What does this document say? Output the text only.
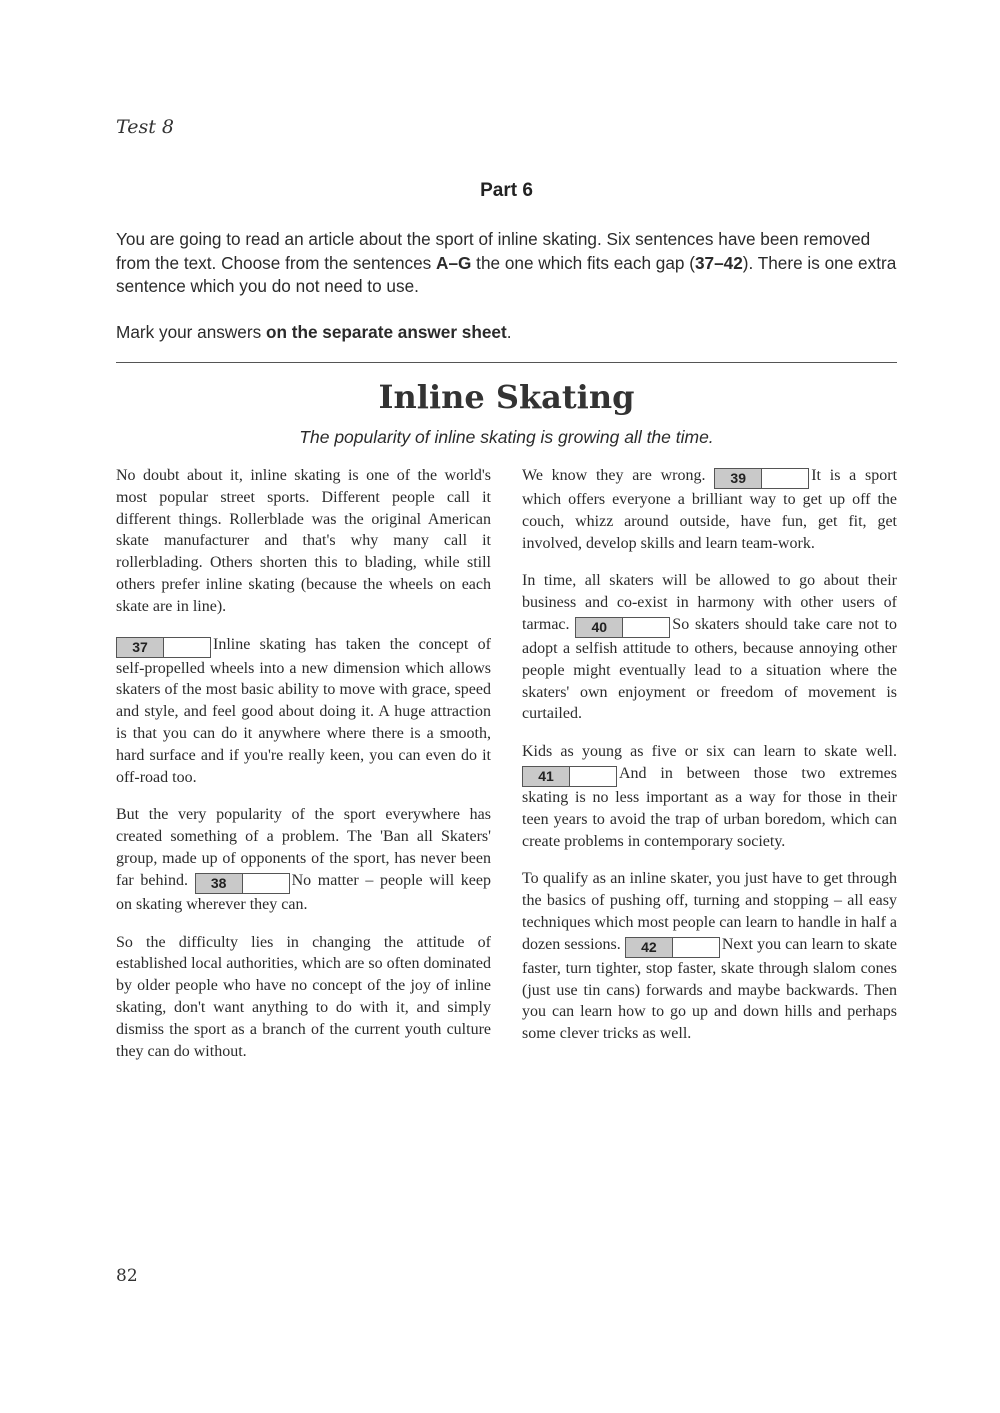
Test 8
Part 6

You are going to read an article about the sport of inline skating. Six sentences have been removed from the text. Choose from the sentences A–G the one which fits each gap (37–42). There is one extra sentence which you do not need to use.

Mark your answers on the separate answer sheet.
Inline Skating
The popularity of inline skating is growing all the time.

No doubt about it, inline skating is one of the world's most popular street sports. Different people call it different things. Rollerblade was the original American skate manufacturer and that's why many call it rollerblading. Others shorten this to blading, while still others prefer inline skating (because the wheels on each skate are in line).

37	Inline skating has taken the concept of self-propelled wheels into a new dimension which allows skaters of the most basic ability to move with grace, speed and style, and feel good about doing it. A huge attraction is that you can do it anywhere where there is a smooth, hard surface and if you're really keen, you can even do it off-road too.

But the very popularity of the sport everywhere has created something of a problem. The 'Ban all Skaters' group, made up of opponents of the sport, has never been far behind.	38	No matter – people will keep on skating wherever they can.

So the difficulty lies in changing the attitude of established local authorities, which are so often dominated by older people who have no concept of the joy of inline skating, don't want anything to do with it, and simply dismiss the sport as a branch of the current youth culture they can do without.

We know they are wrong.	39	It is a sport which offers everyone a brilliant way to get up off the couch, whizz around outside, have fun, get fit, get involved, develop skills and learn team-work.

In time, all skaters will be allowed to go about their business and co-exist in harmony with other users of tarmac.	40	So skaters should take care not to adopt a selfish attitude to others, because annoying other people might eventually lead to a situation where the skaters' own enjoyment or freedom of movement is curtailed.

Kids as young as five or six can learn to skate well.
41	And in between those two extremes skating is no less important as a way for those in their teen years to avoid the trap of urban boredom, which can create problems in contemporary society.

To qualify as an inline skater, you just have to get through the basics of pushing off, turning and stopping – all easy techniques which most people can learn to handle in half a dozen sessions.	42	Next you can learn to skate faster, turn tighter, stop faster, skate through slalom cones (just use tin cans) forwards and maybe backwards. Then you can learn how to go up and down hills and perhaps some clever tricks as well.

82
